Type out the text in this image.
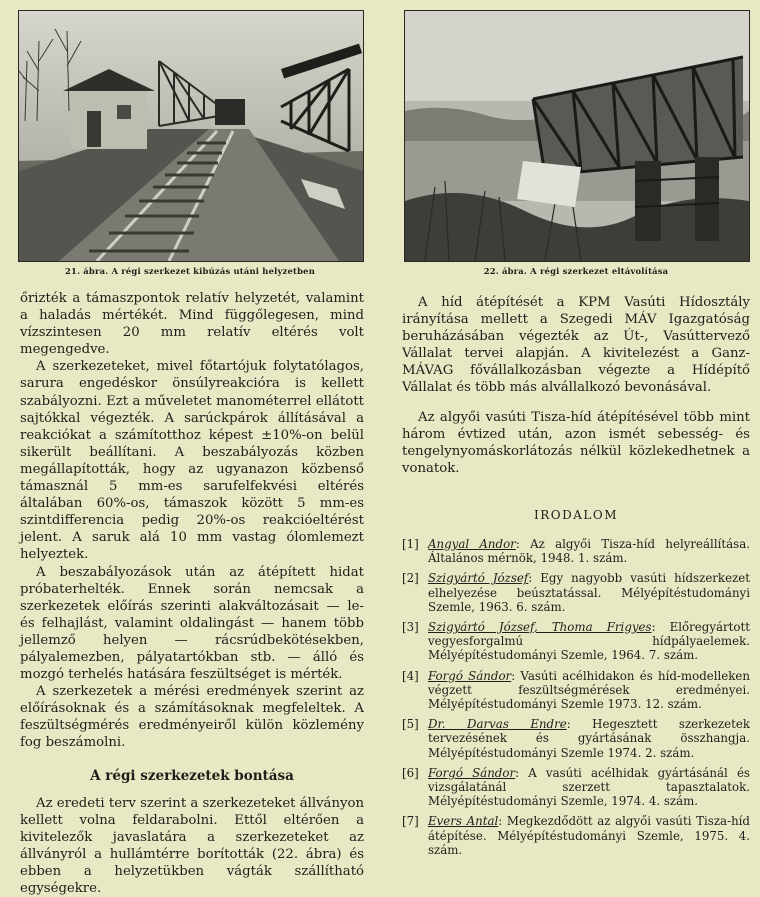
21. ábra. A régi szerkezet kibúzás utáni helyzetben	22. ábra. A régi szerkezet eltávolítása

őrizték a támaszpontok relatív helyzetét, valamint a haladás mértékét. Mind függőlegesen, mind vízszintesen 20 mm relatív eltérés volt megengedve.

A szerkezeteket, mivel főtartójuk folytatólagos, sarura engedéskor önsúlyreakcióra is kellett szabályozni. Ezt a műveletet manométerrel ellátott sajtókkal végezték. A sarúckpárok állításával a reakciókat a számítotthoz képest ±10%-on belül sikerült beállítani. A beszabályozás közben megállapították, hogy az ugyanazon közbenső támasznál 5 mm-es sarufelfekvési eltérés általában 60%-os, támaszok között 5 mm-es szintdifferencia pedig 20%-os reakcióeltérést jelent. A saruk alá 10 mm vastag ólomlemezt helyeztek.

A beszabályozások után az átépített hidat próbaterhelték. Ennek során nemcsak a szerkezetek előírás szerinti alakváltozásait — le- és felhajlást, valamint oldalingást — hanem több jellemző helyen — rácsrúdbekötésekben, pályalemezben, pályatartókban stb. — álló és mozgó terhelés hatására feszültséget is mérték.

A szerkezetek a mérési eredmények szerint az előírásoknak és a számításoknak megfeleltek. A feszültségmérés eredményeiről külön közlemény fog beszámolni.

A régi szerkezetek bontása

Az eredeti terv szerint a szerkezeteket állványon kellett volna feldarabolni. Ettől eltérően a kivitelezők javaslatára a szerkezeteket az állványról a hullámtérre borították (22. ábra) és ebben a helyzetükben vágták szállítható egységekre.

A híd átépítését a KPM Vasúti Hídosztály irányítása mellett a Szegedi MÁV Igazgatóság beruházásában végezték az Út-, Vasúttervező Vállalat tervei alapján. A kivitelezést a Ganz-MÁVAG fővállalkozásban végezte a Hídépítő Vállalat és több más alvállalkozó bevonásával.

Az algyői vasúti Tisza-híd átépítésével több mint három évtized után, azon ismét sebesség- és tengelynyomáskorlátozás nélkül közlekedhetnek a vonatok.

IRODALOM
[1] Angyal Andor: Az algyői Tisza-híd helyreállítása. Általános mérnök, 1948. 1. szám.
[2] Szigyártó József: Egy nagyobb vasúti hídszerkezet elhelyezése beúsztatással. Mélyépítéstudományi Szemle, 1963. 6. szám.
[3] Szigyártó József, Thoma Frigyes: Előregyártott vegyesforgalmú hídpályaelemek. Mélyépítéstudományi Szemle, 1964. 7. szám.
[4] Forgó Sándor: Vasúti acélhidakon és híd-modelleken végzett feszültségmérések eredményei. Mélyépítéstudományi Szemle 1973. 12. szám.
[5] Dr. Darvas Endre: Hegesztett szerkezetek tervezésének és gyártásának összhangja. Mélyépítéstudományi Szemle 1974. 2. szám.
[6] Forgó Sándor: A vasúti acélhidak gyártásánál és vizsgálatánál szerzett tapasztalatok. Mélyépítéstudományi Szemle, 1974. 4. szám.
[7] Evers Antal: Megkezdődött az algyői vasúti Tisza-híd átépítése. Mélyépítéstudományi Szemle, 1975. 4. szám.
